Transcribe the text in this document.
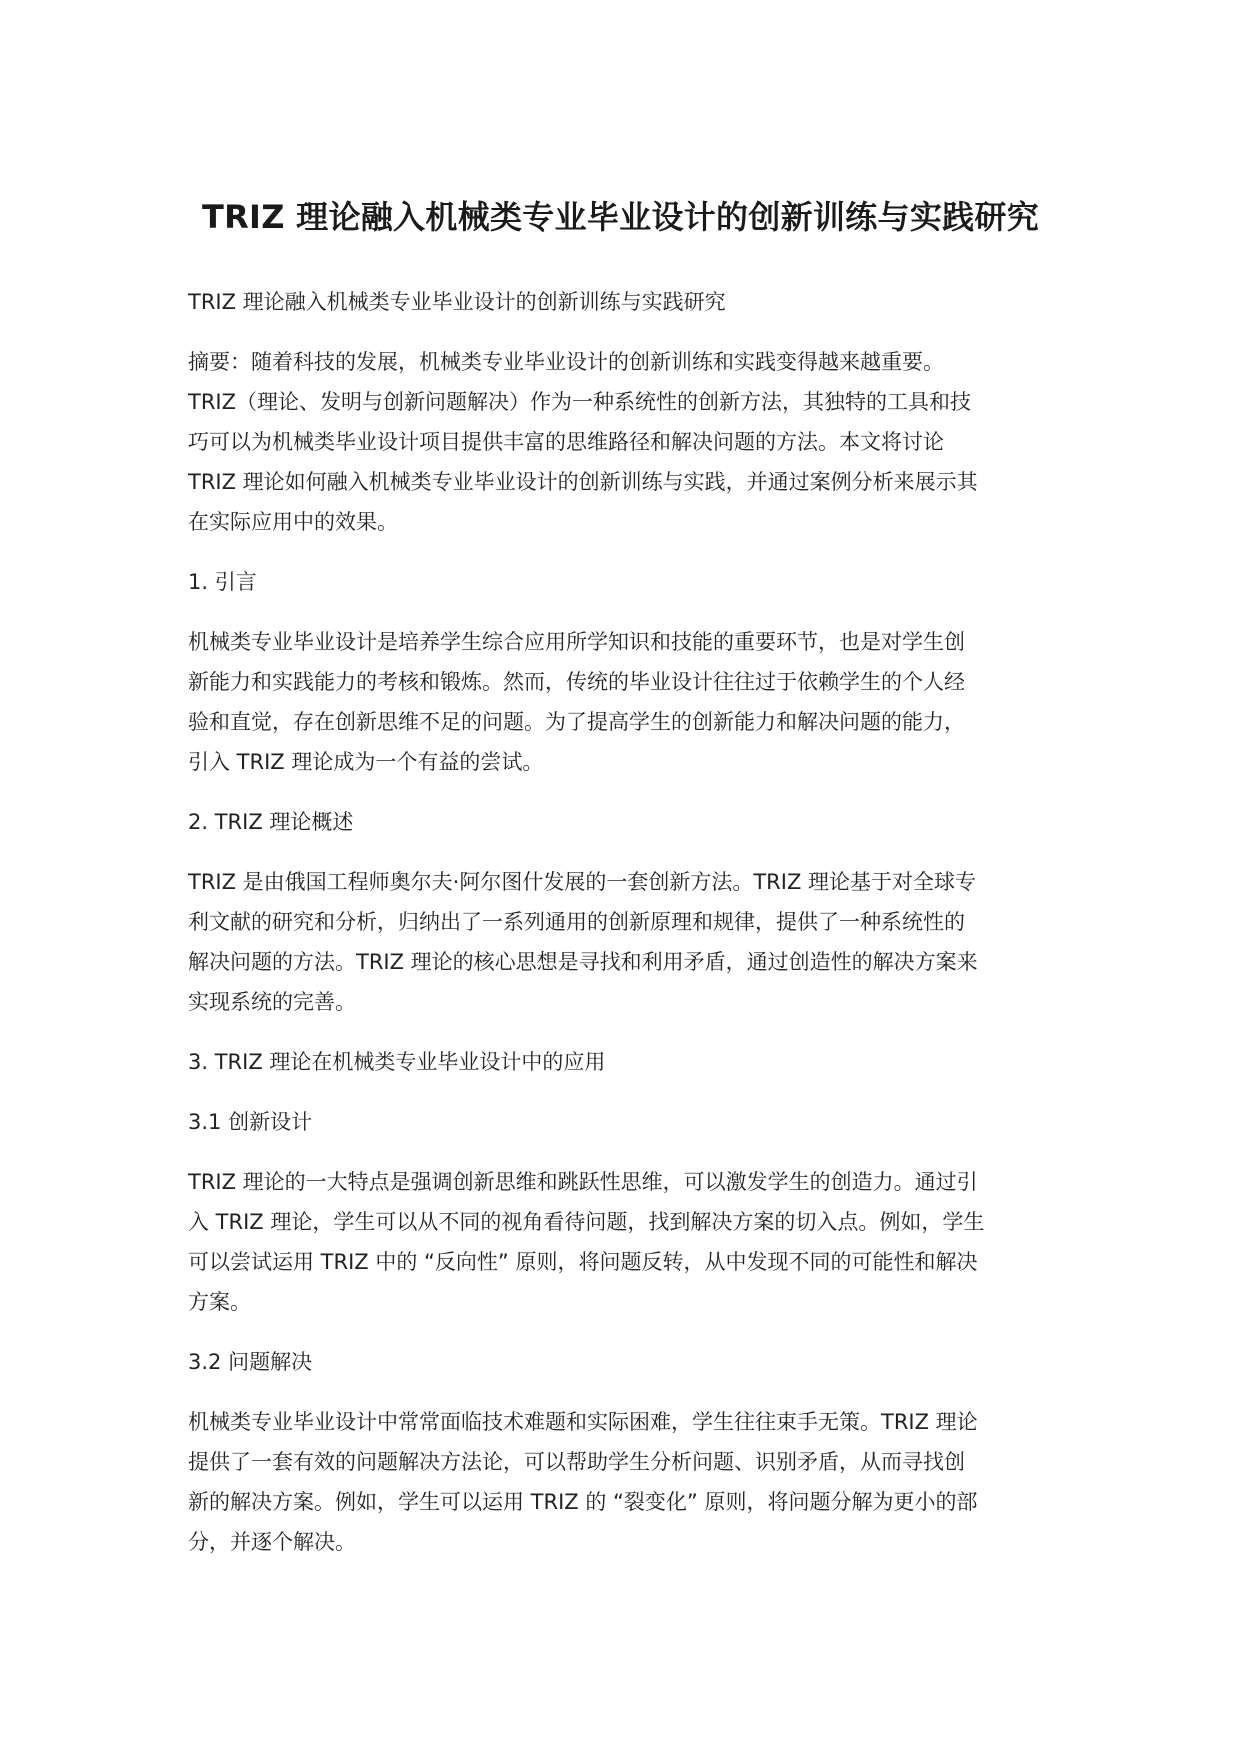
TRIZ 理论融入机械类专业毕业设计的创新训练与实践研究

TRIZ 理论融入机械类专业毕业设计的创新训练与实践研究

摘要：随着科技的发展，机械类专业毕业设计的创新训练和实践变得越来越重要。
TRIZ（理论、发明与创新问题解决）作为一种系统性的创新方法，其独特的工具和技
巧可以为机械类毕业设计项目提供丰富的思维路径和解决问题的方法。本文将讨论
TRIZ 理论如何融入机械类专业毕业设计的创新训练与实践，并通过案例分析来展示其
在实际应用中的效果。

1. 引言

机械类专业毕业设计是培养学生综合应用所学知识和技能的重要环节，也是对学生创
新能力和实践能力的考核和锻炼。然而，传统的毕业设计往往过于依赖学生的个人经
验和直觉，存在创新思维不足的问题。为了提高学生的创新能力和解决问题的能力，
引入 TRIZ 理论成为一个有益的尝试。

2. TRIZ 理论概述

TRIZ 是由俄国工程师奥尔夫·阿尔图什发展的一套创新方法。TRIZ 理论基于对全球专
利文献的研究和分析，归纳出了一系列通用的创新原理和规律，提供了一种系统性的
解决问题的方法。TRIZ 理论的核心思想是寻找和利用矛盾，通过创造性的解决方案来
实现系统的完善。

3. TRIZ 理论在机械类专业毕业设计中的应用

3.1 创新设计

TRIZ 理论的一大特点是强调创新思维和跳跃性思维，可以激发学生的创造力。通过引
入 TRIZ 理论，学生可以从不同的视角看待问题，找到解决方案的切入点。例如，学生
可以尝试运用 TRIZ 中的 “反向性” 原则，将问题反转，从中发现不同的可能性和解决
方案。

3.2 问题解决

机械类专业毕业设计中常常面临技术难题和实际困难，学生往往束手无策。TRIZ 理论
提供了一套有效的问题解决方法论，可以帮助学生分析问题、识别矛盾，从而寻找创
新的解决方案。例如，学生可以运用 TRIZ 的 “裂变化” 原则，将问题分解为更小的部
分，并逐个解决。
